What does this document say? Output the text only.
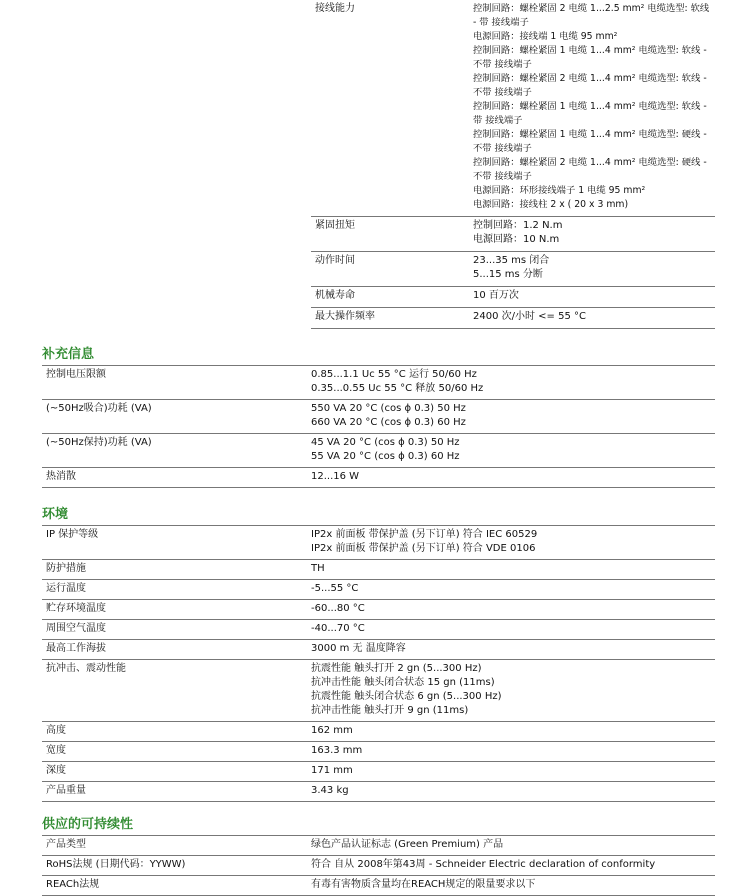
接线能力	控制回路：螺栓紧固 2 电缆 1...2.5 mm² 电缆选型: 软线 - 带 接线端子
电源回路：接线端 1 电缆 95 mm²
控制回路：螺栓紧固 1 电缆 1...4 mm² 电缆选型: 软线 - 不带 接线端子
控制回路：螺栓紧固 2 电缆 1...4 mm² 电缆选型: 软线 - 不带 接线端子
控制回路：螺栓紧固 1 电缆 1...4 mm² 电缆选型: 软线 - 带 接线端子
控制回路：螺栓紧固 1 电缆 1...4 mm² 电缆选型: 硬线 - 不带 接线端子
控制回路：螺栓紧固 2 电缆 1...4 mm² 电缆选型: 硬线 - 不带 接线端子
电源回路：环形接线端子 1 电缆 95 mm²
电源回路：接线柱 2 x ( 20 x 3 mm)
紧固扭矩	控制回路：1.2 N.m
电源回路：10 N.m
动作时间	23...35 ms 闭合
5...15 ms 分断
机械寿命	10 百万次
最大操作频率	2400 次/小时 <= 55 °C
补充信息
控制电压限额	0.85...1.1 Uc 55 °C 运行 50/60 Hz
0.35...0.55 Uc 55 °C 释放 50/60 Hz
(~50Hz吸合)功耗 (VA)	550 VA 20 °C (cos ϕ 0.3) 50 Hz
660 VA 20 °C (cos ϕ 0.3) 60 Hz
(~50Hz保持)功耗 (VA)	45 VA 20 °C (cos ϕ 0.3) 50 Hz
55 VA 20 °C (cos ϕ 0.3) 60 Hz
热消散	12...16 W
环境
IP 保护等级	IP2x 前面板 带保护盖 (另下订单) 符合 IEC 60529
IP2x 前面板 带保护盖 (另下订单) 符合 VDE 0106
防护措施	TH
运行温度	-5...55 °C
贮存环境温度	-60...80 °C
周围空气温度	-40...70 °C
最高工作海拔	3000 m 无 温度降容
抗冲击、震动性能	抗震性能 触头打开 2 gn (5...300 Hz)
抗冲击性能 触头闭合状态 15 gn (11ms)
抗震性能 触头闭合状态 6 gn (5...300 Hz)
抗冲击性能 触头打开 9 gn (11ms)
高度	162 mm
宽度	163.3 mm
深度	171 mm
产品重量	3.43 kg
供应的可持续性
产品类型	绿色产品认证标志 (Green Premium) 产品
RoHS法规 (日期代码：YYWW)	符合 自从 2008年第43周 - Schneider Electric declaration of conformity
REACh法规	有毒有害物质含量均在REACH规定的限量要求以下
